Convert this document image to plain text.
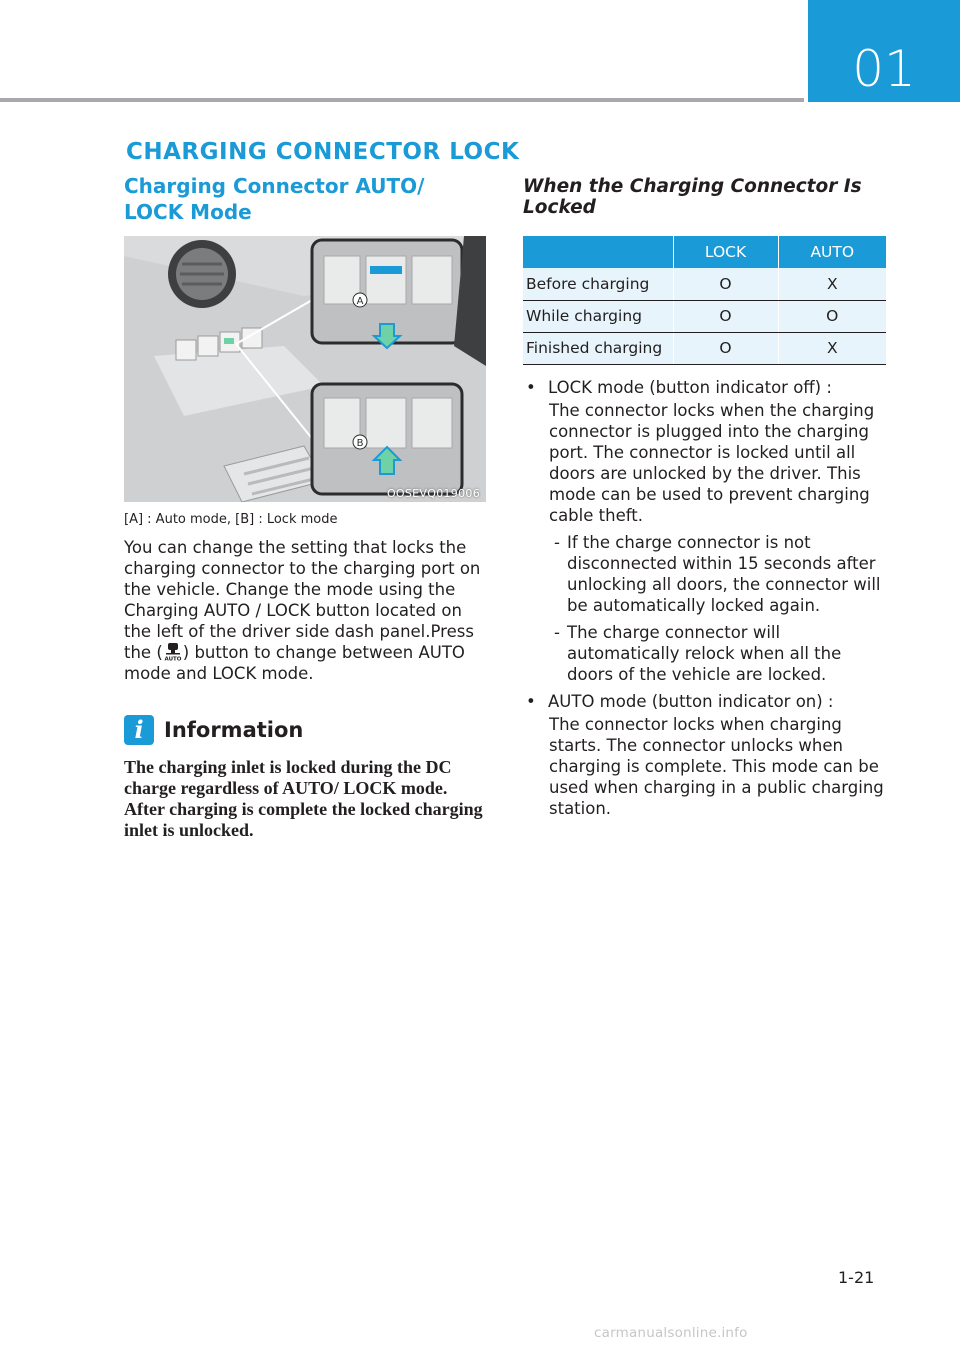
01
CHARGING CONNECTOR LOCK
Charging Connector AUTO/ LOCK Mode
A
B
OOSEVQ019006
[A] : Auto mode, [B] : Lock mode
You can change the setting that locks the charging connector to the charging port on the vehicle. Change the mode using the Charging AUTO / LOCK button located on the left of the driver side dash panel.Press the ( AUTO ) button to change between AUTO mode and LOCK mode.
i Information
The charging inlet is locked during the DC charge regardless of AUTO/ LOCK mode. After charging is complete the locked charging inlet is unlocked.
When the Charging Connector Is Locked
	LOCK	AUTO
Before charging	O	X
While charging	O	O
Finished charging	O	X
• LOCK mode (button indicator off) :
The connector locks when the charging connector is plugged into the charging port. The connector is locked until all doors are unlocked by the driver. This mode can be used to prevent charging cable theft.
- If the charge connector is not disconnected within 15 seconds after unlocking all doors, the connector will be automatically locked again.
- The charge connector will automatically relock when all the doors of the vehicle are locked.
• AUTO mode (button indicator on) :
The connector locks when charging starts. The connector unlocks when charging is complete. This mode can be used when charging in a public charging station.
1-21
carmanualsonline.info
